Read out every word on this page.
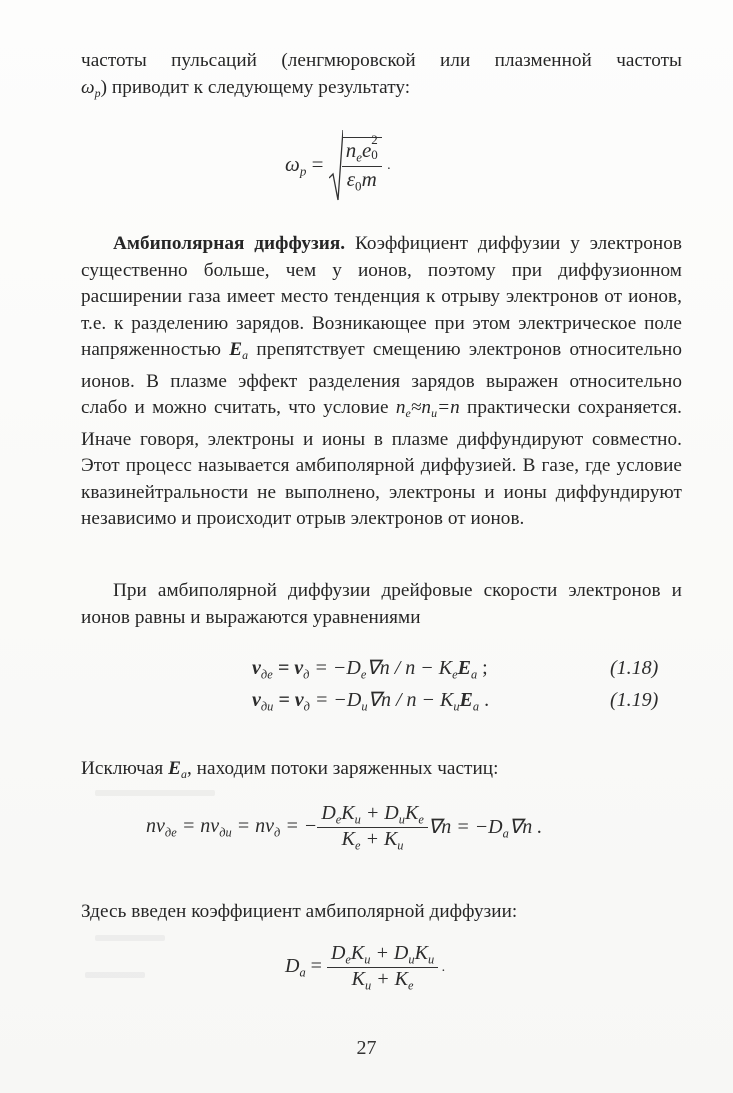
частоты пульсаций (ленгмюровской или плазменной частоты

$\omega_p$) приводит к следующему результату:

$\omega_p = n_ee$ 2
0
$\varepsilon_0m$ .

Амбиполярная диффузия. Коэффициент диффузии у электронов существенно больше, чем у ионов, поэтому при диффузионном расширении газа имеет место тенденция к отрыву электронов от ионов, т.е. к разделению зарядов. Возникающее при этом электрическое поле напряженностью $E_a$ препятствует смещению электронов относительно ионов. В плазме эффект разделения зарядов выражен относительно слабо и можно считать, что условие $n_e\approx n_и=n$ практически сохраняется. Иначе говоря, электроны и ионы в плазме диффундируют совместно. Этот процесс называется амбиполярной диффузией. В газе, где условие квазинейтральности не выполнено, электроны и ионы диффундируют независимо и происходит отрыв электронов от ионов.

При амбиполярной диффузии дрейфовые скорости электронов и ионов равны и выражаются уравнениями

$v_{де} = v_д = -D_e\nabla n / n - K_eE_a$ ;	(1.18)
$v_{ди} = v_д = -D_и\nabla n / n - K_иE_a$ .	(1.19)

Исключая $E_a$, находим потоки заряженных частиц:

$nv_{де} = nv_{ди} = nv_д$ = − $\frac{D_eK_и + D_иK_e}{K_e + K_и} \nabla n = -D_a\nabla n$ .

Здесь введен коэффициент амбиполярной диффузии:

$D_a = \frac{D_eK_и + D_иK_и}{K_и + K_e}$ .
27
